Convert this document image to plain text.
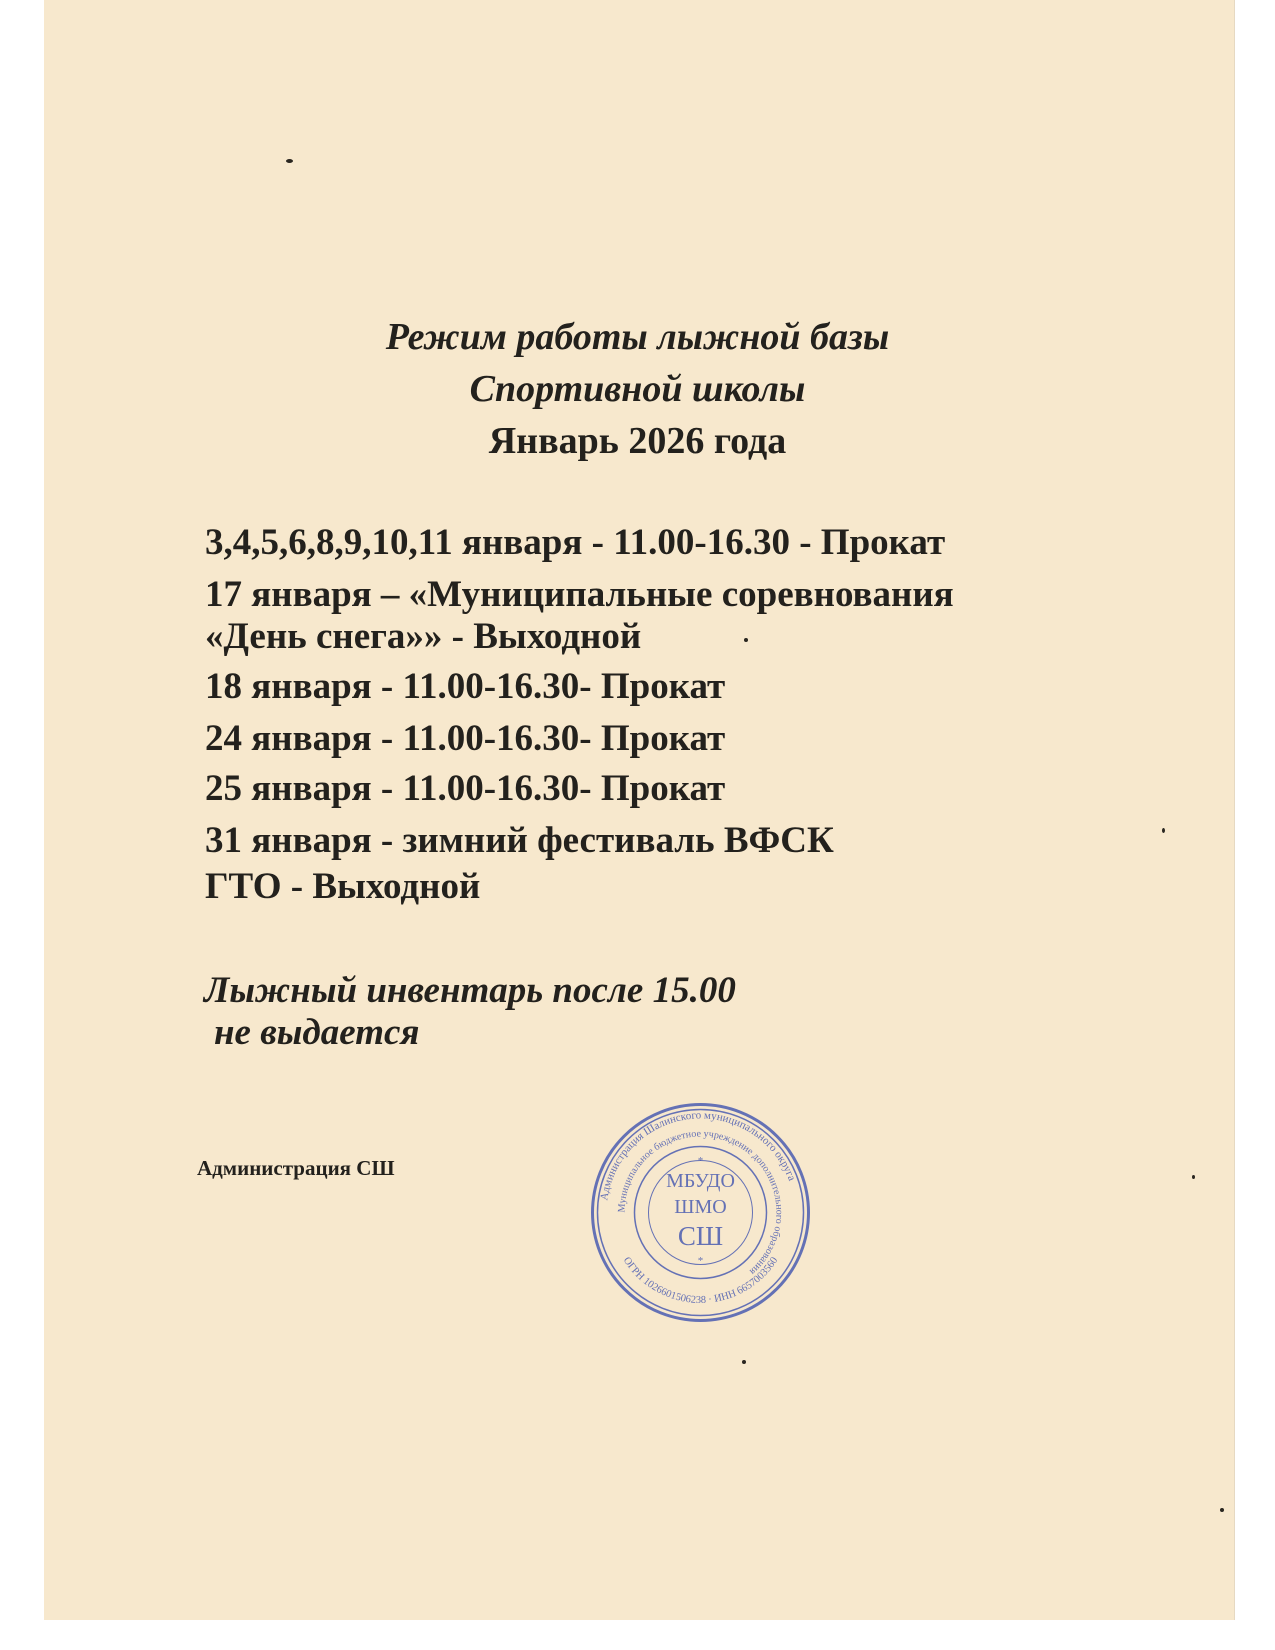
Режим работы лыжной базы
Спортивной школы
Январь 2026 года

3,4,5,6,8,9,10,11 января - 11.00-16.30 - Прокат

17 января – «Муниципальные соревнования

«День снега»» - Выходной

18 января - 11.00-16.30- Прокат

24 января - 11.00-16.30- Прокат

25 января - 11.00-16.30- Прокат

31 января - зимний фестиваль ВФСК

ГТО - Выходной

Лыжный инвентарь после 15.00

не выдается

Администрация СШ

Администрация Шалинского муниципального округа
Муниципальное бюджетное учреждение дополнительного образования
ОГРН 1026601506238 · ИНН 6657003560
МБУДО
ШМО
СШ
*
*
